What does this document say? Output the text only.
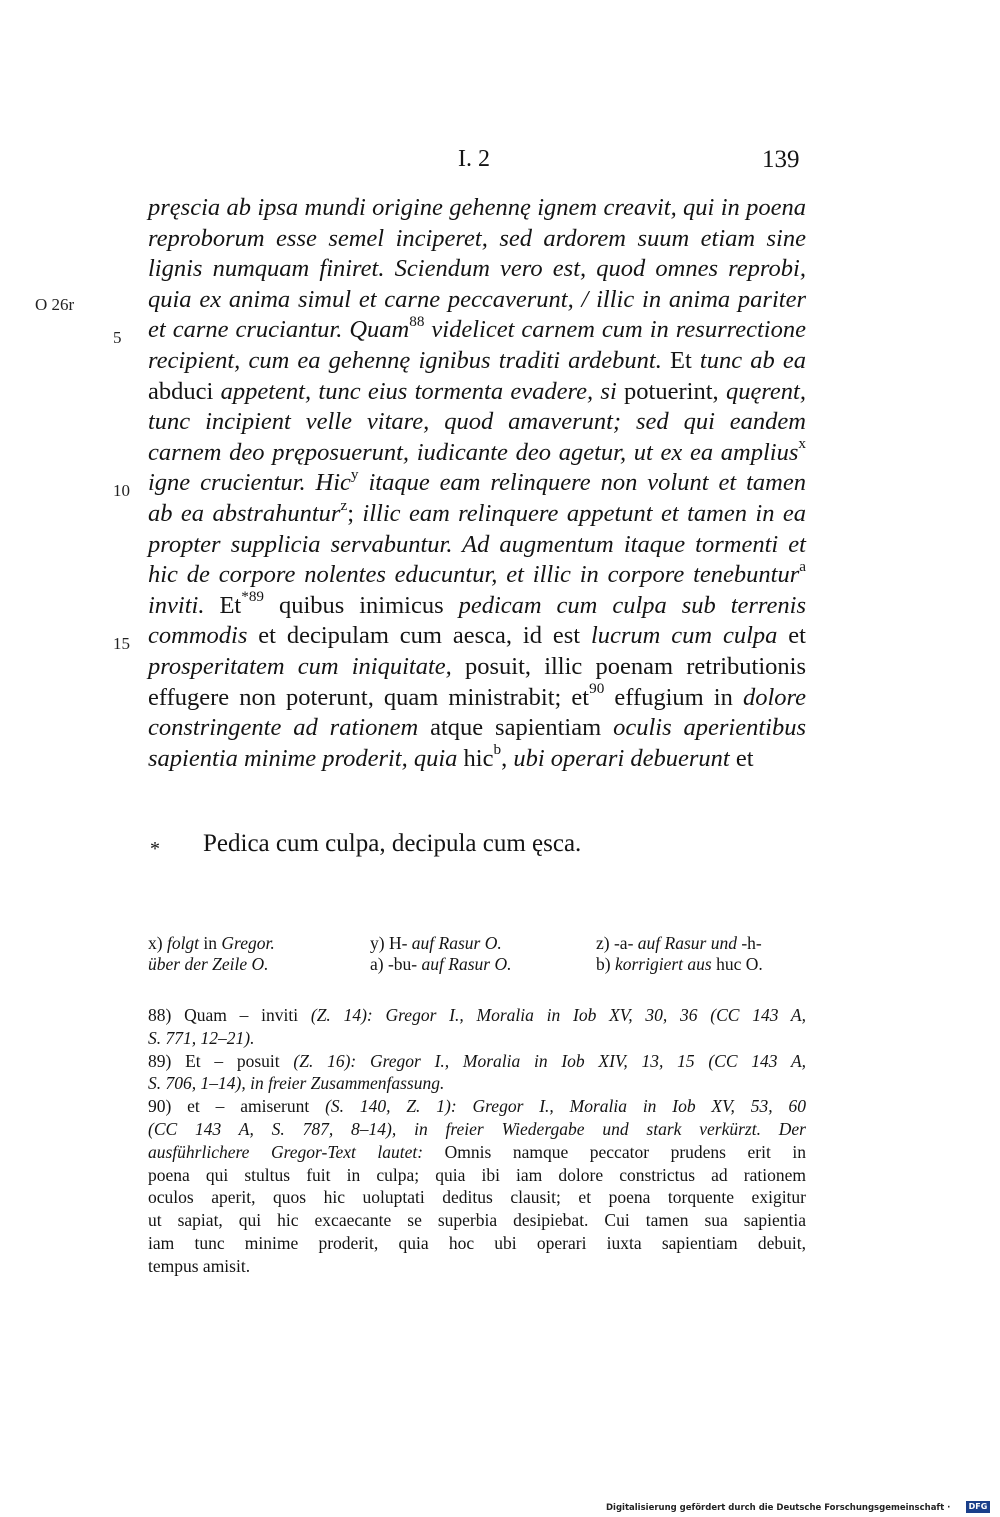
I. 2	139
O 26r
5
10
15
pręscia ab ipsa mundi origine gehennę ignem creavit, qui in poena
reproborum esse semel inciperet, sed ardorem suum etiam sine
lignis numquam finiret. Sciendum vero est, quod omnes reprobi,
quia ex anima simul et carne peccaverunt, / illic in anima pariter
et carne cruciantur. Quam$^{88}$ videlicet carnem cum in resurrectione
recipient, cum ea gehennę ignibus traditi ardebunt. Et tunc ab ea
abduci appetent, tunc eius tormenta evadere, si potuerint, quęrent,
tunc incipient velle vitare, quod amaverunt; sed qui eandem
carnem deo pręposuerunt, iudicante deo agetur, ut ex ea amplius$^x$
igne crucientur. Hic$^y$ itaque eam relinquere non volunt et tamen
ab ea abstrahuntur$^z$; illic eam relinquere appetunt et tamen in ea
propter supplicia servabuntur. Ad augmentum itaque tormenti et
hic de corpore nolentes educuntur, et illic in corpore tenebuntur$^a$
inviti. Et$^{*89}$ quibus inimicus pedicam cum culpa sub terrenis
commodis et decipulam cum aesca, id est lucrum cum culpa et
prosperitatem cum iniquitate, posuit, illic poenam retributionis
effugere non poterunt, quam ministrabit; $et^{90}$ effugium in dolore
constringente ad rationem atque sapientiam oculis aperientibus
sapientia minime proderit, quia hic$^b$, ubi operari debuerunt et
* Pedica cum culpa, decipula cum ęsca.
x) folgt in Gregor.
über der Zeile O.
y) H- auf Rasur O.
a) -bu- auf Rasur O.
z) -a- auf Rasur und -h-
b) korrigiert aus huc O.
88) Quam – inviti (Z. 14): Gregor I., Moralia in Iob XV, 30, 36 (CC 143 A,
S. 771, 12–21).
89) Et – posuit (Z. 16): Gregor I., Moralia in Iob XIV, 13, 15 (CC 143 A,
S. 706, 1–14), in freier Zusammenfassung.
90) et – amiserunt (S. 140, Z. 1): Gregor I., Moralia in Iob XV, 53, 60
(CC 143 A, S. 787, 8–14), in freier Wiedergabe und stark verkürzt. Der
ausführlichere Gregor-Text lautet: Omnis namque peccator prudens erit in
poena qui stultus fuit in culpa; quia ibi iam dolore constrictus ad rationem
oculos aperit, quos hic uoluptati deditus clausit; et poena torquente exigitur
ut sapiat, qui hic excaecante se superbia desipiebat. Cui tamen sua sapientia
iam tunc minime proderit, quia hoc ubi operari iuxta sapientiam debuit,
tempus amisit.
Digitalisierung gefördert durch die Deutsche Forschungsgemeinschaft ·	DFG
